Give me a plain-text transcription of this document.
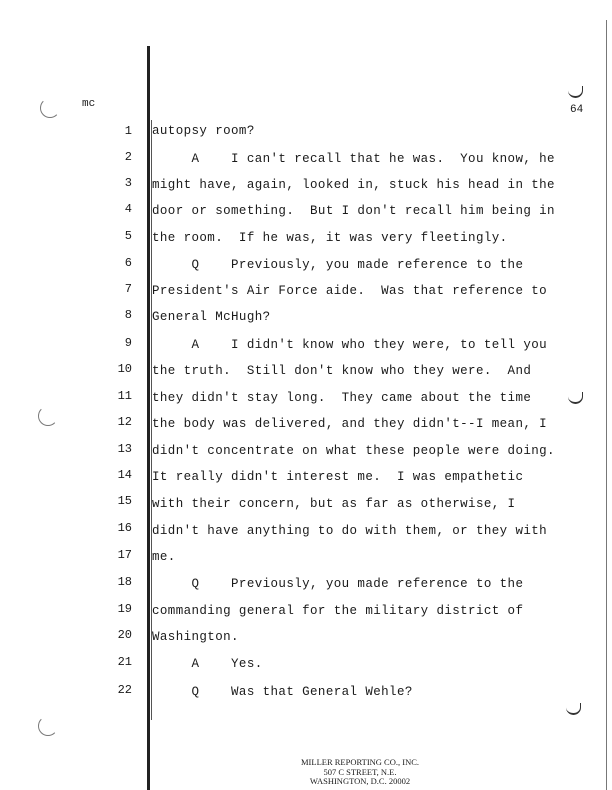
mc	64
1
2
3
4
5
6
7
8
9
10
11
12
13
14
15
16
17
18
19
20
21
22
autopsy room?
A    I can't recall that he was.  You know, he
might have, again, looked in, stuck his head in the
door or something.  But I don't recall him being in
the room.  If he was, it was very fleetingly.
Q    Previously, you made reference to the
President's Air Force aide.  Was that reference to
General McHugh?
A    I didn't know who they were, to tell you
the truth.  Still don't know who they were.  And
they didn't stay long.  They came about the time
the body was delivered, and they didn't--I mean, I
didn't concentrate on what these people were doing.
It really didn't interest me.  I was empathetic
with their concern, but as far as otherwise, I
didn't have anything to do with them, or they with
me.
Q    Previously, you made reference to the
commanding general for the military district of
Washington.
A    Yes.
Q    Was that General Wehle?
MILLER REPORTING CO., INC.
507 C STREET, N.E.
WASHINGTON, D.C. 20002
